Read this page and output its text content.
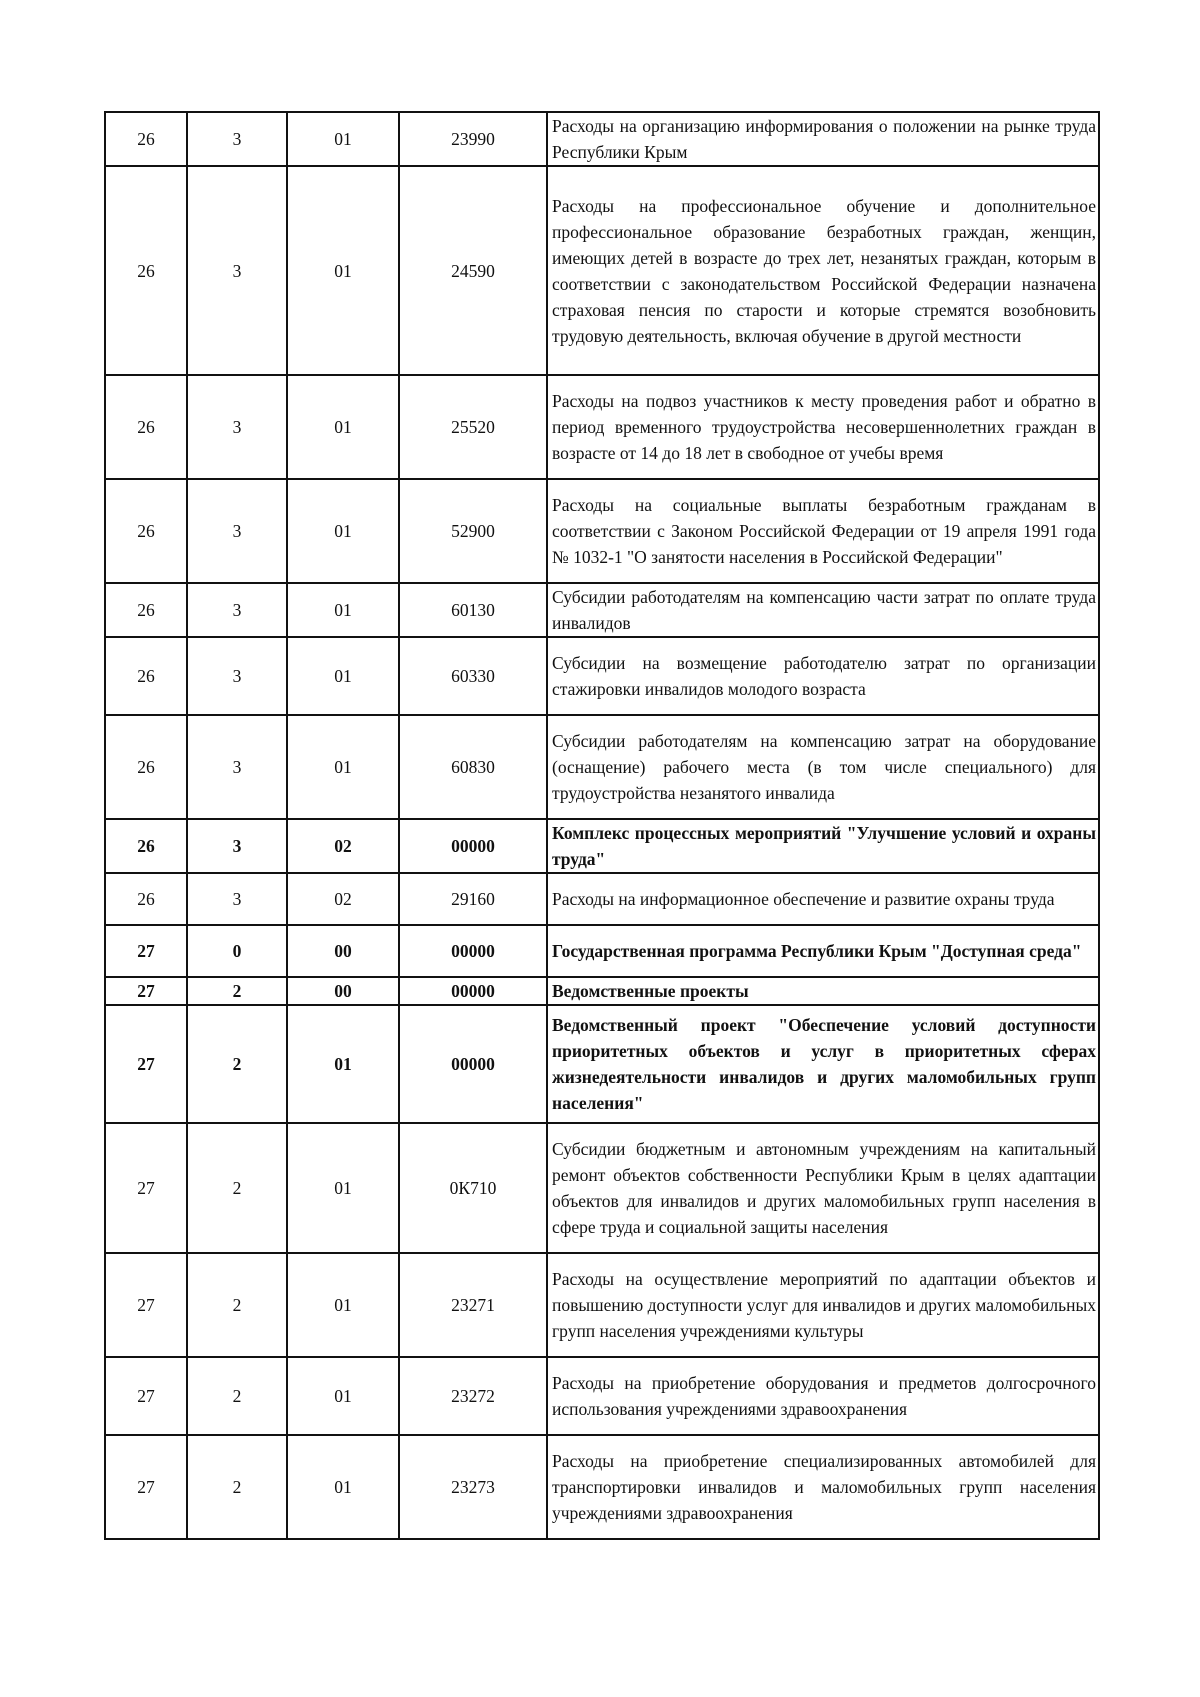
26	3	01	23990	Расходы на организацию информирования о положении на рынке труда Республики Крым
26	3	01	24590	Расходы на профессиональное обучение и дополнительное профессиональное образование безработных граждан, женщин, имеющих детей в возрасте до трех лет, незанятых граждан, которым в соответствии с законодательством Российской Федерации назначена страховая пенсия по старости и которые стремятся возобновить трудовую деятельность, включая обучение в другой местности
26	3	01	25520	Расходы на подвоз участников к месту проведения работ и обратно в период временного трудоустройства несовершеннолетних граждан в возрасте от 14 до 18 лет в свободное от учебы время
26	3	01	52900	Расходы на социальные выплаты безработным гражданам в соответствии с Законом Российской Федерации от 19 апреля 1991 года № 1032-1 "О занятости населения в Российской Федерации"
26	3	01	60130	Субсидии работодателям на компенсацию части затрат по оплате труда инвалидов
26	3	01	60330	Субсидии на возмещение работодателю затрат по организации стажировки инвалидов молодого возраста
26	3	01	60830	Субсидии работодателям на компенсацию затрат на оборудование (оснащение) рабочего места (в том числе специального) для трудоустройства незанятого инвалида
26	3	02	00000	Комплекс процессных мероприятий "Улучшение условий и охраны труда"
26	3	02	29160	Расходы на информационное обеспечение и развитие охраны труда
27	0	00	00000	Государственная программа Республики Крым "Доступная среда"
27	2	00	00000	Ведомственные проекты
27	2	01	00000	Ведомственный проект "Обеспечение условий доступности приоритетных объектов и услуг в приоритетных сферах жизнедеятельности инвалидов и других маломобильных групп населения"
27	2	01	0К710	Субсидии бюджетным и автономным учреждениям на капитальный ремонт объектов собственности Республики Крым в целях адаптации объектов для инвалидов и других маломобильных групп населения в сфере труда и социальной защиты населения
27	2	01	23271	Расходы на осуществление мероприятий по адаптации объектов и повышению доступности услуг для инвалидов и других маломобильных групп населения учреждениями культуры
27	2	01	23272	Расходы на приобретение оборудования и предметов долгосрочного использования учреждениями здравоохранения
27	2	01	23273	Расходы на приобретение специализированных автомобилей для транспортировки инвалидов и маломобильных групп населения учреждениями здравоохранения
